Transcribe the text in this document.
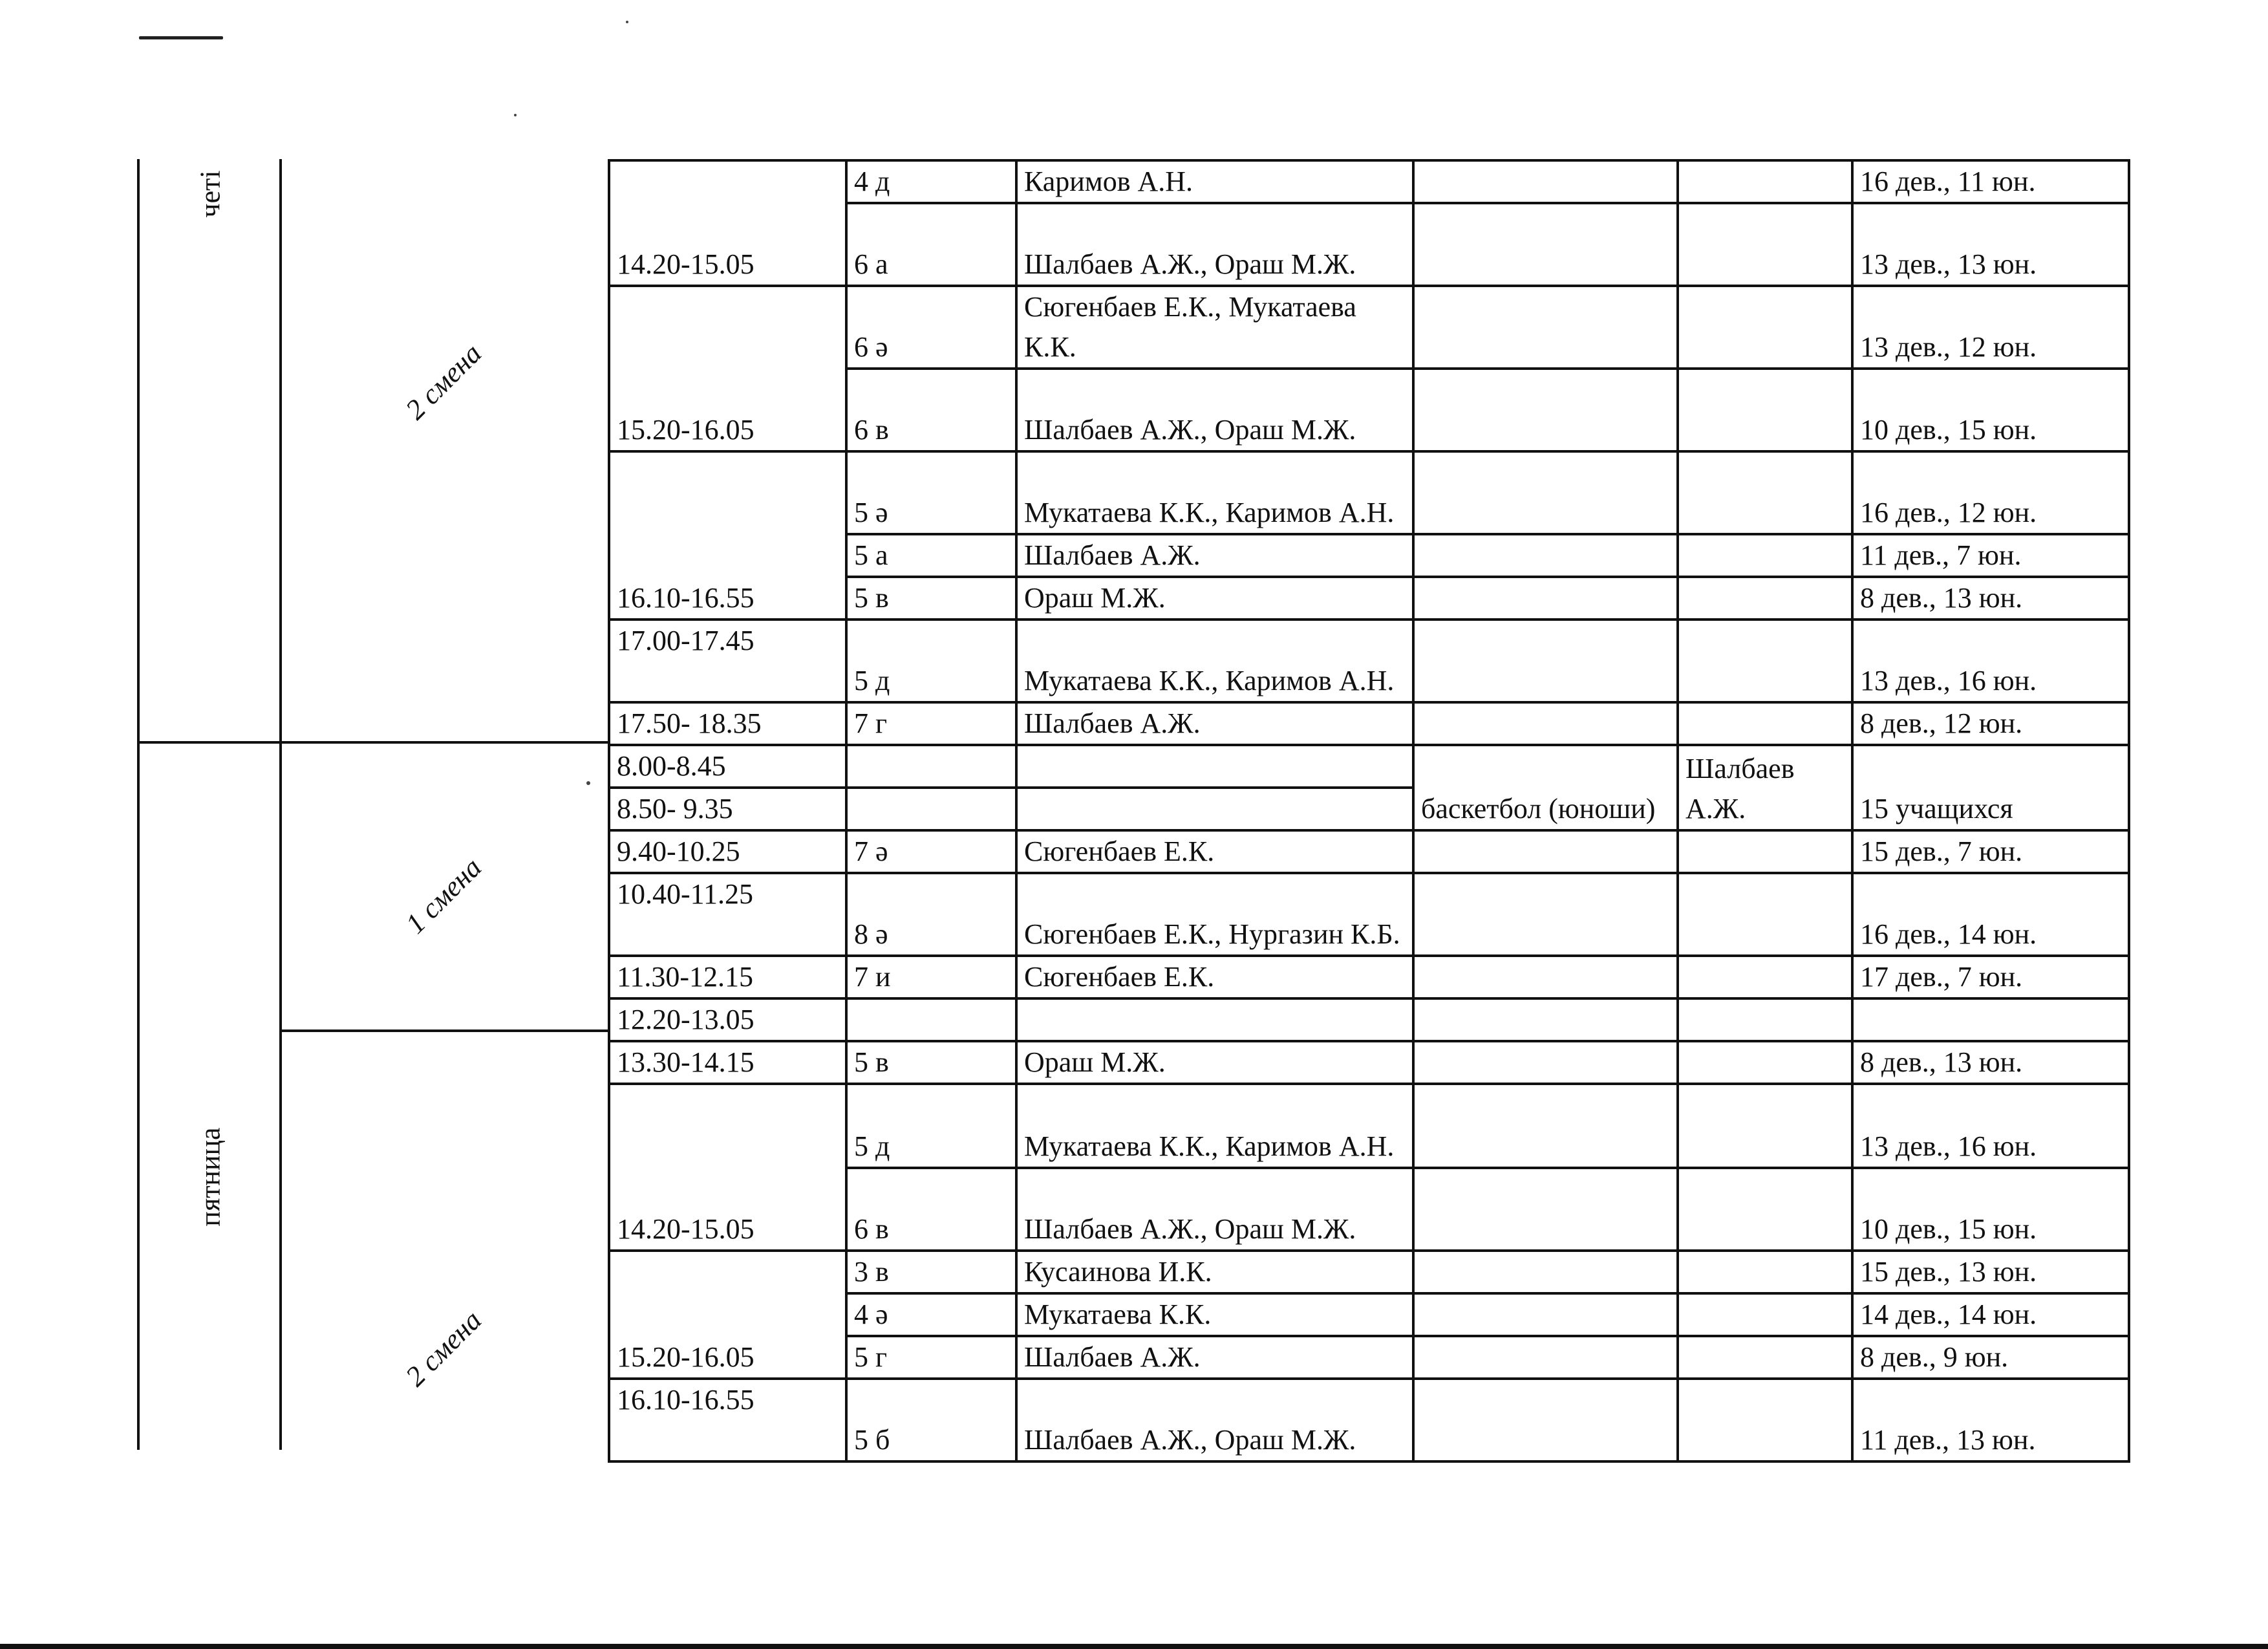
четі
пятница
2 смена
1 смена
2 смена
14.20-15.05	4 д	Каримов А.Н.			16 дев., 11 юн.
	6 а	Шалбаев А.Ж., Ораш М.Ж.			13 дев., 13 юн.
15.20-16.05	6 ә	Сюгенбаев Е.К., Мукатаева К.К.			13 дев., 12 юн.
	6 в	Шалбаев А.Ж., Ораш М.Ж.			10 дев., 15 юн.
16.10-16.55	5 ә	Мукатаева К.К., Каримов А.Н.			16 дев., 12 юн.
	5 а	Шалбаев А.Ж.			11 дев., 7 юн.
	5 в	Ораш М.Ж.			8 дев., 13 юн.
17.00-17.45	5 д	Мукатаева К.К., Каримов А.Н.			13 дев., 16 юн.
17.50- 18.35	7 г	Шалбаев А.Ж.			8 дев., 12 юн.
8.00-8.45			баскетбол (юноши)	Шалбаев А.Ж.	15 учащихся
8.50- 9.35					
9.40-10.25	7 ә	Сюгенбаев Е.К.			15 дев., 7 юн.
10.40-11.25	8 ә	Сюгенбаев Е.К., Нургазин К.Б.			16 дев., 14 юн.
11.30-12.15	7 и	Сюгенбаев Е.К.			17 дев., 7 юн.
12.20-13.05					
13.30-14.15	5 в	Ораш М.Ж.			8 дев., 13 юн.
14.20-15.05	5 д	Мукатаева К.К., Каримов А.Н.			13 дев., 16 юн.
	6 в	Шалбаев А.Ж., Ораш М.Ж.			10 дев., 15 юн.
15.20-16.05	3 в	Кусаинова И.К.			15 дев., 13 юн.
	4 ә	Мукатаева К.К.			14 дев., 14 юн.
	5 г	Шалбаев А.Ж.			8 дев., 9 юн.
16.10-16.55	5 б	Шалбаев А.Ж., Ораш М.Ж.			11 дев., 13 юн.
